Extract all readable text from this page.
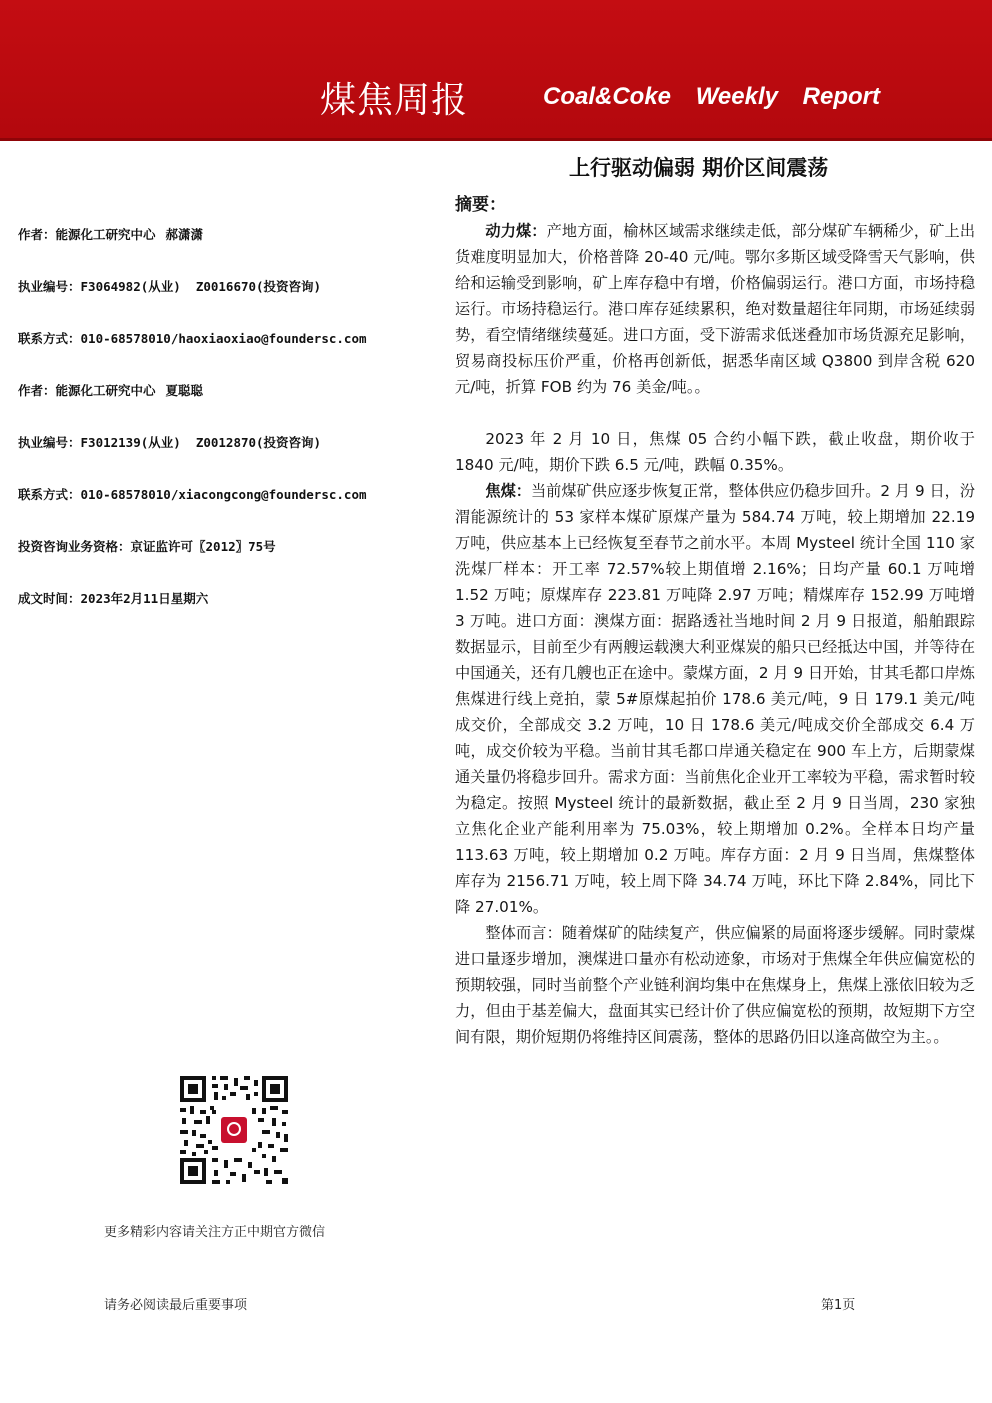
煤焦周报	Coal&Coke Weekly Report
上行驱动偏弱 期价区间震荡
作者：能源化工研究中心 郝潇潇
执业编号：F3064982(从业)  Z0016670(投资咨询)
联系方式：010-68578010/haoxiaoxiao@foundersc.com
作者：能源化工研究中心 夏聪聪
执业编号：F3012139(从业)  Z0012870(投资咨询)
联系方式：010-68578010/xiacongcong@foundersc.com
投资咨询业务资格：京证监许可〖2012〗75号
成文时间：2023年2月11日星期六
更多精彩内容请关注方正中期官方微信
摘要：

动力煤：产地方面，榆林区域需求继续走低，部分煤矿车辆稀少，矿上出货难度明显加大，价格普降 20-40 元/吨。鄂尔多斯区域受降雪天气影响，供给和运输受到影响，矿上库存稳中有增，价格偏弱运行。港口方面，市场持稳运行。市场持稳运行。港口库存延续累积，绝对数量超往年同期，市场延续弱势，看空情绪继续蔓延。进口方面，受下游需求低迷叠加市场货源充足影响，贸易商投标压价严重，价格再创新低，据悉华南区域 Q3800 到岸含税 620 元/吨，折算 FOB 约为 76 美金/吨。。

2023 年 2 月 10 日，焦煤 05 合约小幅下跌，截止收盘，期价收于 1840 元/吨，期价下跌 6.5 元/吨，跌幅 0.35%。

焦煤：当前煤矿供应逐步恢复正常，整体供应仍稳步回升。2 月 9 日，汾渭能源统计的 53 家样本煤矿原煤产量为 584.74 万吨，较上期增加 22.19 万吨，供应基本上已经恢复至春节之前水平。本周 Mysteel 统计全国 110 家洗煤厂样本：开工率 72.57%较上期值增 2.16%；日均产量 60.1 万吨增 1.52 万吨；原煤库存 223.81 万吨降 2.97 万吨；精煤库存 152.99 万吨增 3 万吨。进口方面：澳煤方面：据路透社当地时间 2 月 9 日报道，船舶跟踪数据显示，目前至少有两艘运载澳大利亚煤炭的船只已经抵达中国，并等待在中国通关，还有几艘也正在途中。蒙煤方面，2 月 9 日开始，甘其毛都口岸炼焦煤进行线上竞拍，蒙 5#原煤起拍价 178.6 美元/吨，9 日 179.1 美元/吨成交价，全部成交 3.2 万吨，10 日 178.6 美元/吨成交价全部成交 6.4 万吨，成交价较为平稳。当前甘其毛都口岸通关稳定在 900 车上方，后期蒙煤通关量仍将稳步回升。需求方面：当前焦化企业开工率较为平稳，需求暂时较为稳定。按照 Mysteel 统计的最新数据，截止至 2 月 9 日当周，230 家独立焦化企业产能利用率为 75.03%，较上期增加 0.2%。全样本日均产量 113.63 万吨，较上期增加 0.2 万吨。库存方面：2 月 9 日当周，焦煤整体库存为 2156.71 万吨，较上周下降 34.74 万吨，环比下降 2.84%，同比下降 27.01%。

整体而言：随着煤矿的陆续复产，供应偏紧的局面将逐步缓解。同时蒙煤进口量逐步增加，澳煤进口量亦有松动迹象，市场对于焦煤全年供应偏宽松的预期较强，同时当前整个产业链利润均集中在焦煤身上，焦煤上涨依旧较为乏力，但由于基差偏大，盘面其实已经计价了供应偏宽松的预期，故短期下方空间有限，期价短期仍将维持区间震荡，整体的思路仍旧以逢高做空为主。。

请务必阅读最后重要事项	第1页
